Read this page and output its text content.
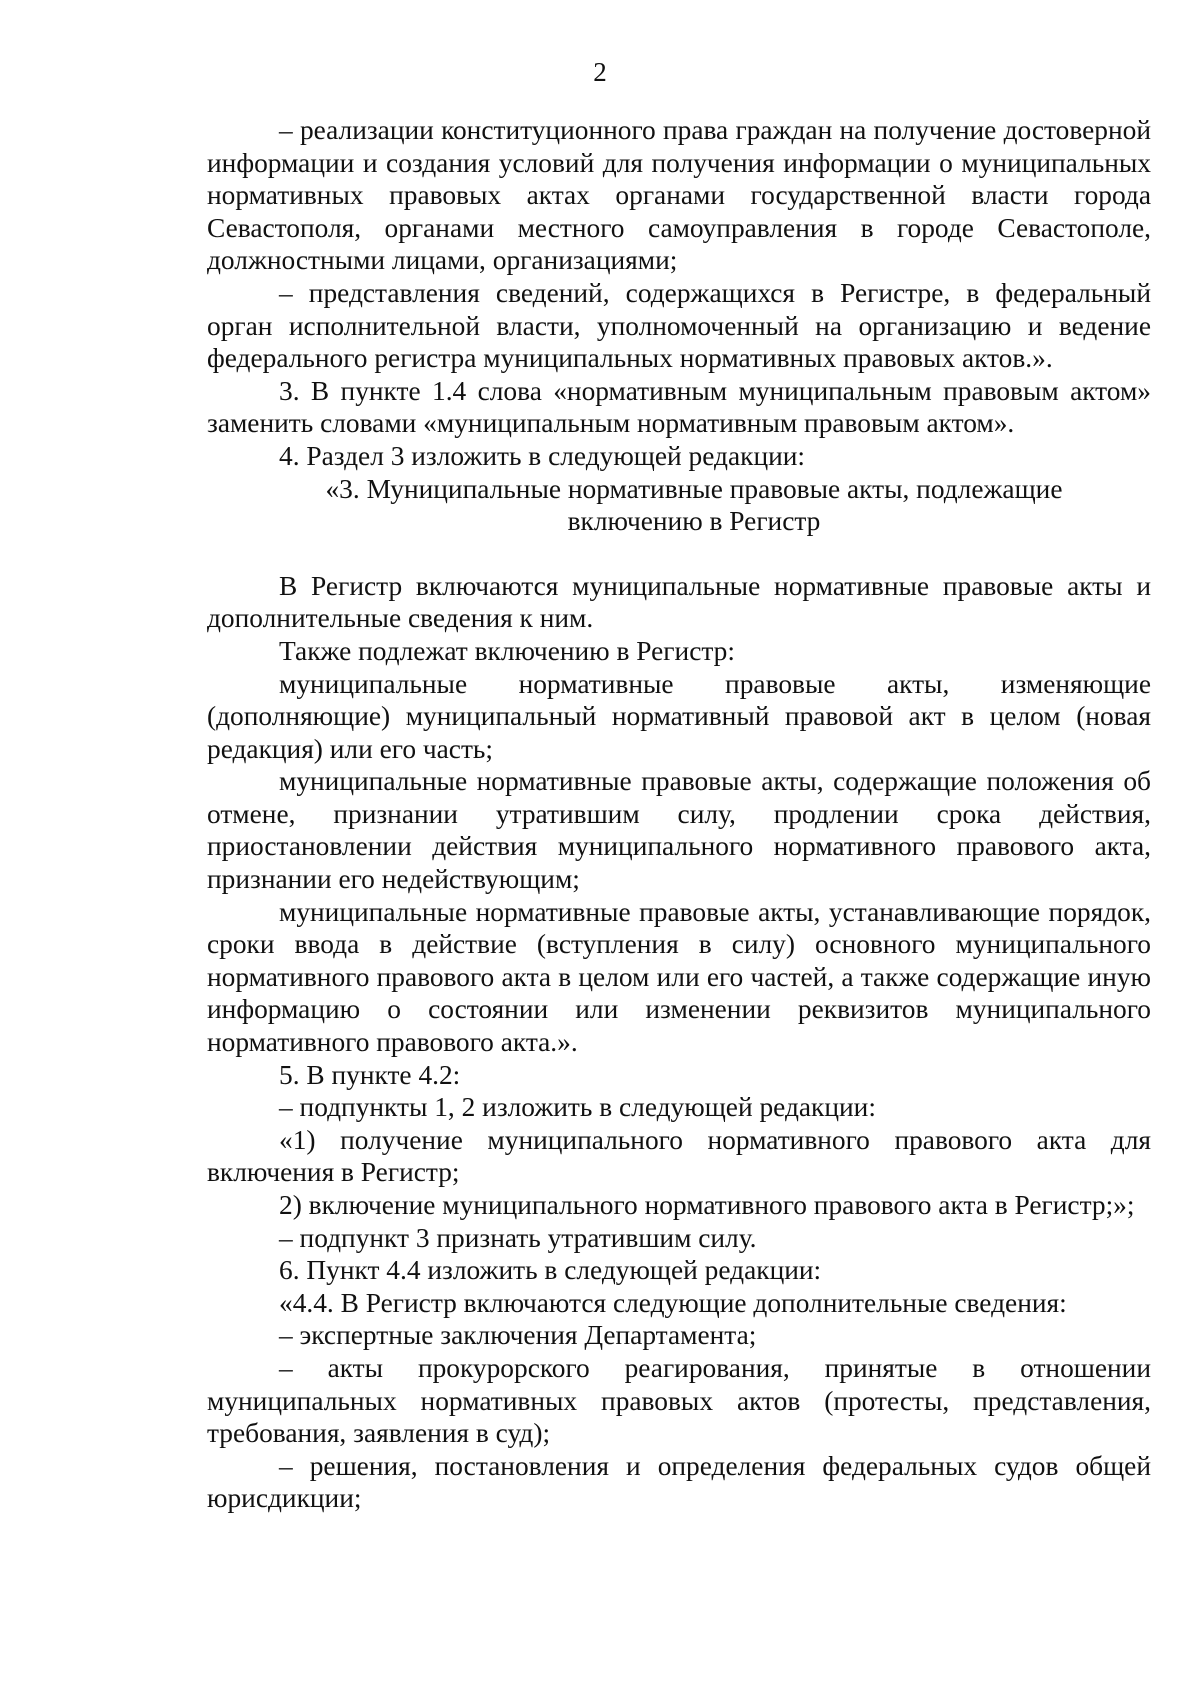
2

– реализации конституционного права граждан на получение достоверной информации и создания условий для получения информации о муниципальных нормативных правовых актах органами государственной власти города Севастополя, органами местного самоуправления в городе Севастополе, должностными лицами, организациями;

– представления сведений, содержащихся в Регистре, в федеральный орган исполнительной власти, уполномоченный на организацию и ведение федерального регистра муниципальных нормативных правовых актов.».

3. В пункте 1.4 слова «нормативным муниципальным правовым актом» заменить словами «муниципальным нормативным правовым актом».

4. Раздел 3 изложить в следующей редакции:

«3. Муниципальные нормативные правовые акты, подлежащие

включению в Регистр

В Регистр включаются муниципальные нормативные правовые акты и дополнительные сведения к ним.

Также подлежат включению в Регистр:

муниципальные нормативные правовые акты, изменяющие (дополняющие) муниципальный нормативный правовой акт в целом (новая редакция) или его часть;

муниципальные нормативные правовые акты, содержащие положения об отмене, признании утратившим силу, продлении срока действия, приостановлении действия муниципального нормативного правового акта, признании его недействующим;

муниципальные нормативные правовые акты, устанавливающие порядок, сроки ввода в действие (вступления в силу) основного муниципального нормативного правового акта в целом или его частей, а также содержащие иную информацию о состоянии или изменении реквизитов муниципального нормативного правового акта.».

5. В пункте 4.2:

– подпункты 1, 2 изложить в следующей редакции:

«1) получение муниципального нормативного правового акта для включения в Регистр;

2) включение муниципального нормативного правового акта в Регистр;»;

– подпункт 3 признать утратившим силу.

6. Пункт 4.4 изложить в следующей редакции:

«4.4. В Регистр включаются следующие дополнительные сведения:

– экспертные заключения Департамента;

– акты прокурорского реагирования, принятые в отношении муниципальных нормативных правовых актов (протесты, представления, требования, заявления в суд);

– решения, постановления и определения федеральных судов общей юрисдикции;
